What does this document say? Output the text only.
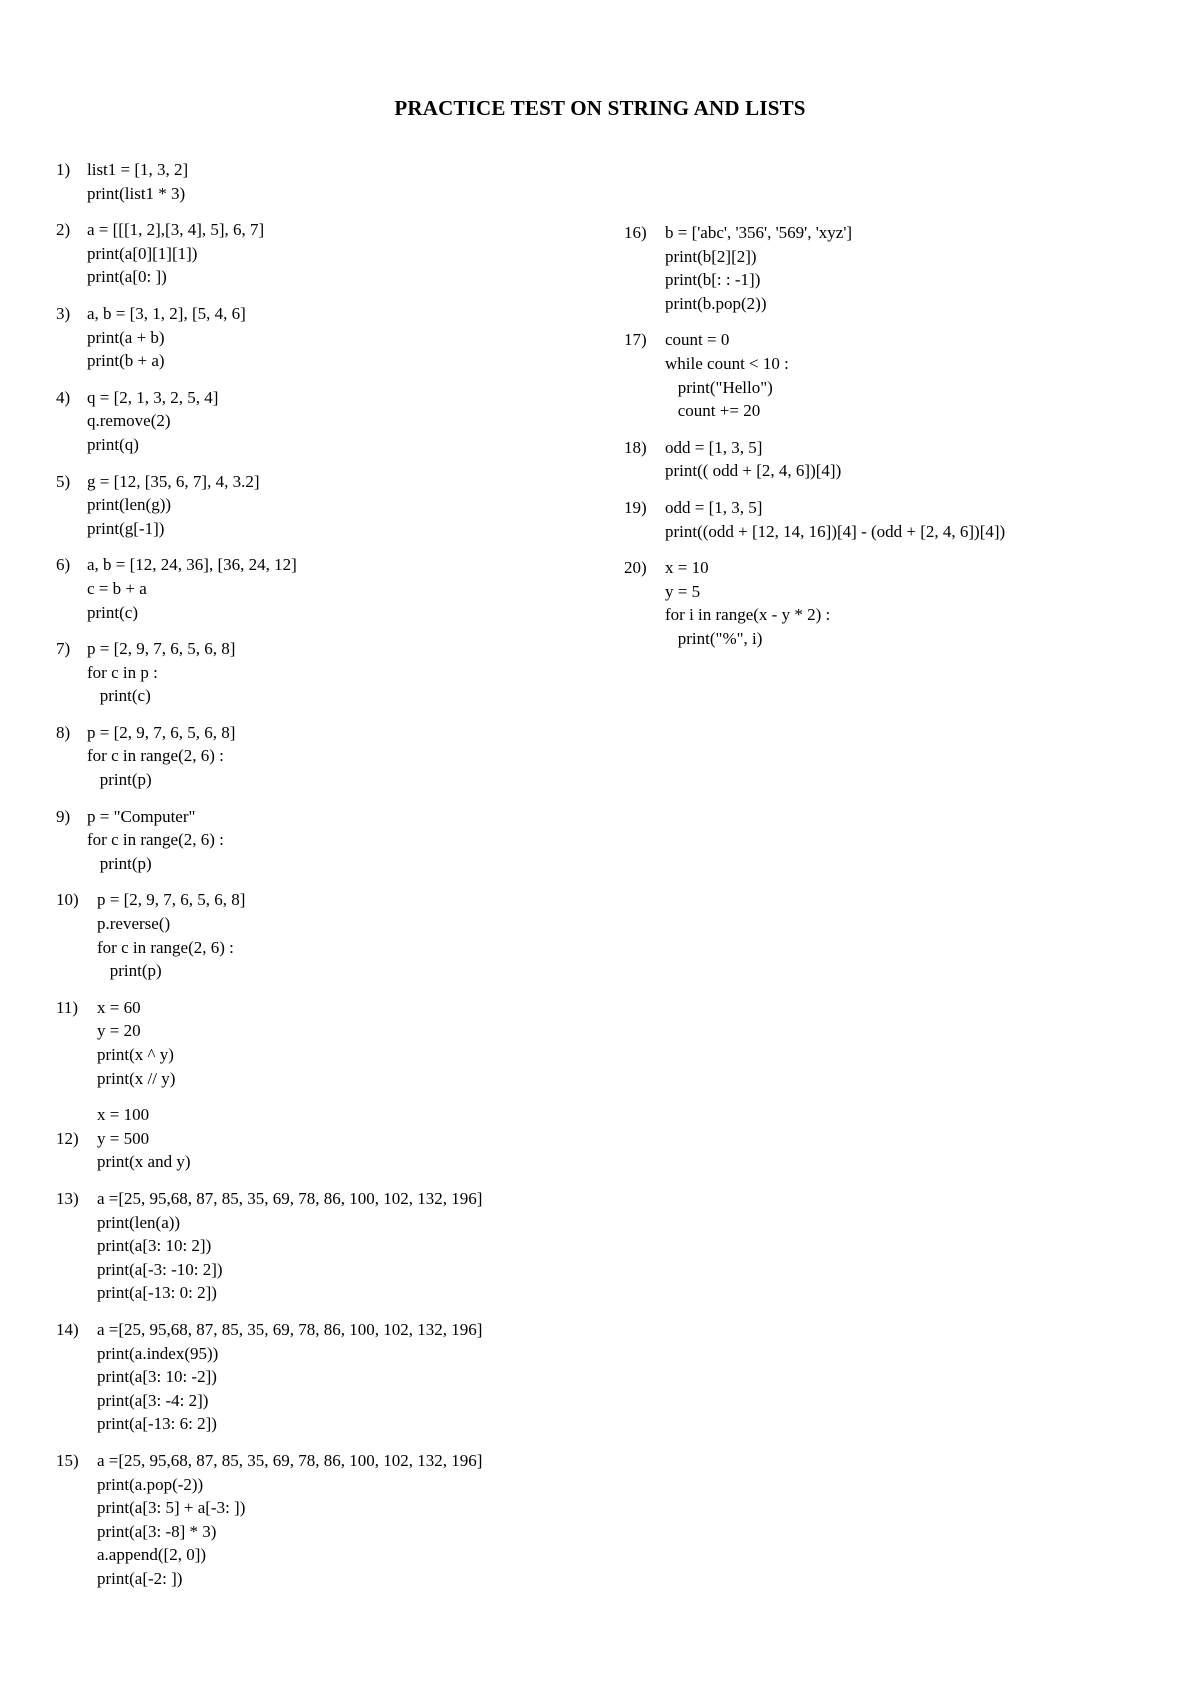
PRACTICE TEST ON STRING AND LISTS
1) list1 = [1, 3, 2]
print(list1 * 3)
2) a = [[[1, 2],[3, 4], 5], 6, 7]
print(a[0][1][1])
print(a[0: ])
3) a, b = [3, 1, 2], [5, 4, 6]
print(a + b)
print(b + a)
4) q = [2, 1, 3, 2, 5, 4]
q.remove(2)
print(q)
5) g = [12, [35, 6, 7], 4, 3.2]
print(len(g))
print(g[-1])
6) a, b = [12, 24, 36], [36, 24, 12]
c = b + a
print(c)
7) p = [2, 9, 7, 6, 5, 6, 8]
for c in p :
print(c)
8) p = [2, 9, 7, 6, 5, 6, 8]
for c in range(2, 6) :
print(p)
9) p = "Computer"
for c in range(2, 6) :
print(p)
10)	p = [2, 9, 7, 6, 5, 6, 8]
p.reverse()
for c in range(2, 6) :
print(p)
11)	x = 60
y = 20
print(x ^ y)
print(x // y)
12)
x = 100
y = 500
print(x and y)
13)	a =[25, 95,68, 87, 85, 35, 69, 78, 86, 100, 102, 132, 196]
print(len(a))
print(a[3: 10: 2])
print(a[-3: -10: 2])
print(a[-13: 0: 2])
14)	a =[25, 95,68, 87, 85, 35, 69, 78, 86, 100, 102, 132, 196]
print(a.index(95))
print(a[3: 10: -2])
print(a[3: -4: 2])
print(a[-13: 6: 2])
15)	a =[25, 95,68, 87, 85, 35, 69, 78, 86, 100, 102, 132, 196]
print(a.pop(-2))
print(a[3: 5] + a[-3: ])
print(a[3: -8] * 3)
a.append([2, 0])
print(a[-2: ])
16)	b = ['abc', '356', '569', 'xyz']
print(b[2][2])
print(b[: : -1])
print(b.pop(2))
17)	count = 0
while count < 10 :
print("Hello")
count += 20
18)	odd = [1, 3, 5]
print(( odd + [2, 4, 6])[4])
19)	odd = [1, 3, 5]
print((odd + [12, 14, 16])[4] - (odd + [2, 4, 6])[4])
20)	x = 10
y = 5
for i in range(x - y * 2) :
print("%", i)
